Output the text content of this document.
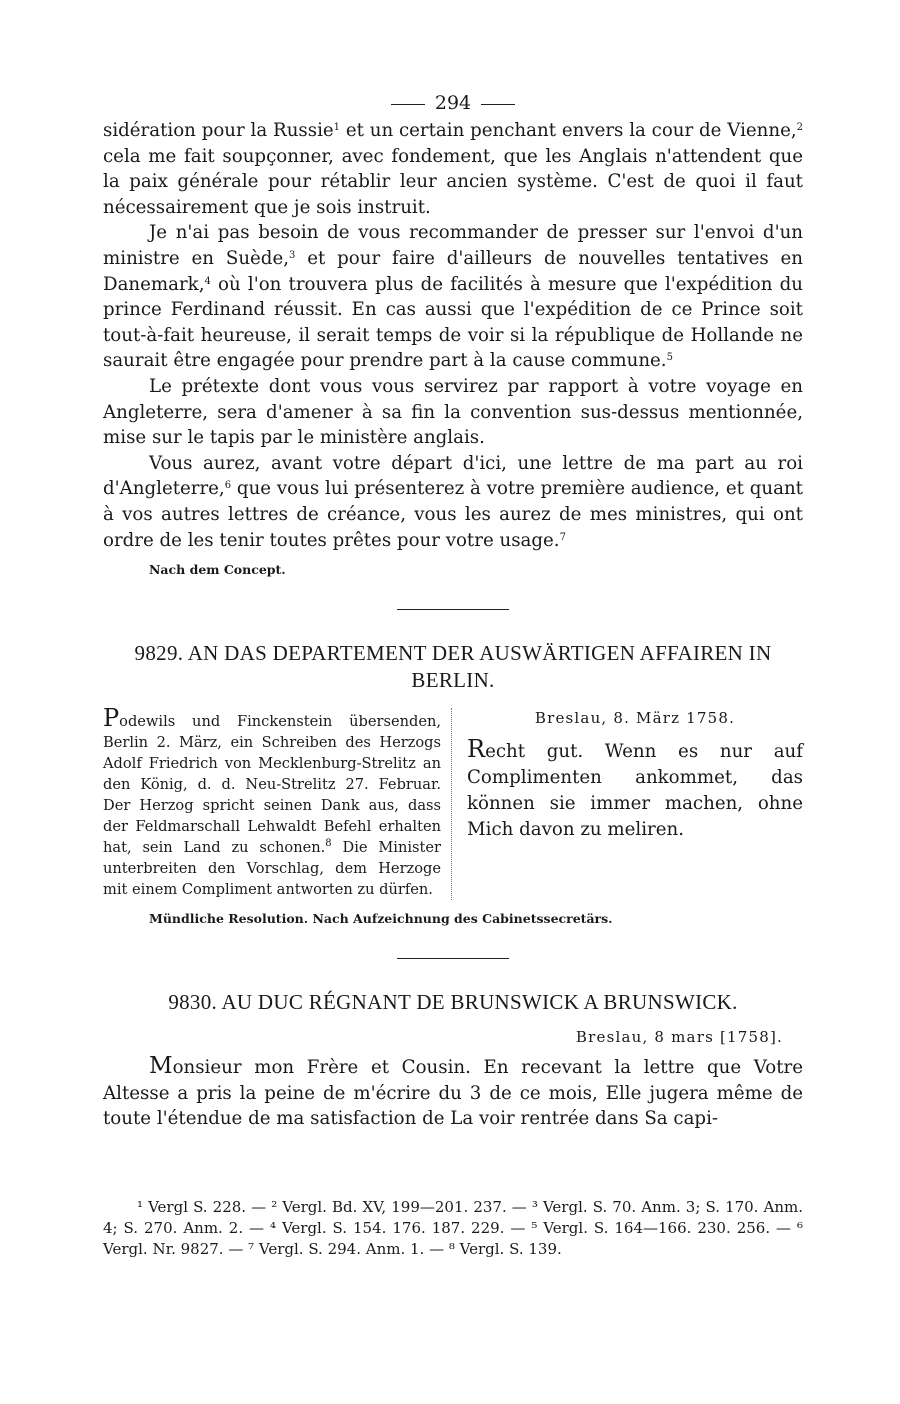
294

sidération pour la Russie$^1$ et un certain penchant envers la cour de Vienne,$^2$ cela me fait soupçonner, avec fondement, que les Anglais n'attendent que la paix générale pour rétablir leur ancien système. C'est de quoi il faut nécessairement que je sois instruit.

Je n'ai pas besoin de vous recommander de presser sur l'envoi d'un ministre en Suède,$^3$ et pour faire d'ailleurs de nouvelles tentatives en Danemark,$^4$ où l'on trouvera plus de facilités à mesure que l'expédition du prince Ferdinand réussit. En cas aussi que l'expédition de ce Prince soit tout-à-fait heureuse, il serait temps de voir si la république de Hollande ne saurait être engagée pour prendre part à la cause commune.$^5$

Le prétexte dont vous vous servirez par rapport à votre voyage en Angleterre, sera d'amener à sa fin la convention sus-dessus mentionnée, mise sur le tapis par le ministère anglais.

Vous aurez, avant votre départ d'ici, une lettre de ma part au roi d'Angleterre,$^6$ que vous lui présenterez à votre première audience, et quant à vos autres lettres de créance, vous les aurez de mes ministres, qui ont ordre de les tenir toutes prêtes pour votre usage.$^7$

Nach dem Concept.
9829. AN DAS DEPARTEMENT DER AUSWÄRTIGEN AFFAIREN IN BERLIN.
Podewils und Finckenstein übersenden, Berlin 2. März, ein Schreiben des Herzogs Adolf Friedrich von Mecklenburg-Strelitz an den König, d. d. Neu-Strelitz 27. Februar. Der Herzog spricht seinen Dank aus, dass der Feldmarschall Lehwaldt Befehl erhalten hat, sein Land zu schonen.$^8$ Die Minister unterbreiten den Vorschlag, dem Herzoge mit einem Compliment antworten zu dürfen.
Breslau, 8. März 1758.
Recht gut. Wenn es nur auf Complimenten ankommet, das können sie immer machen, ohne Mich davon zu meliren.
Mündliche Resolution. Nach Aufzeichnung des Cabinetssecretärs.
9830. AU DUC RÉGNANT DE BRUNSWICK A BRUNSWICK.
Breslau, 8 mars [1758].
Monsieur mon Frère et Cousin. En recevant la lettre que Votre Altesse a pris la peine de m'écrire du 3 de ce mois, Elle jugera même de toute l'étendue de ma satisfaction de La voir rentrée dans Sa capi-

¹ Vergl S. 228. — ² Vergl. Bd. XV, 199—201. 237. — ³ Vergl. S. 70. Anm. 3; S. 170. Anm. 4; S. 270. Anm. 2. — ⁴ Vergl. S. 154. 176. 187. 229. — ⁵ Vergl. S. 164—166. 230. 256. — ⁶ Vergl. Nr. 9827. — ⁷ Vergl. S. 294. Anm. 1. — ⁸ Vergl. S. 139.
